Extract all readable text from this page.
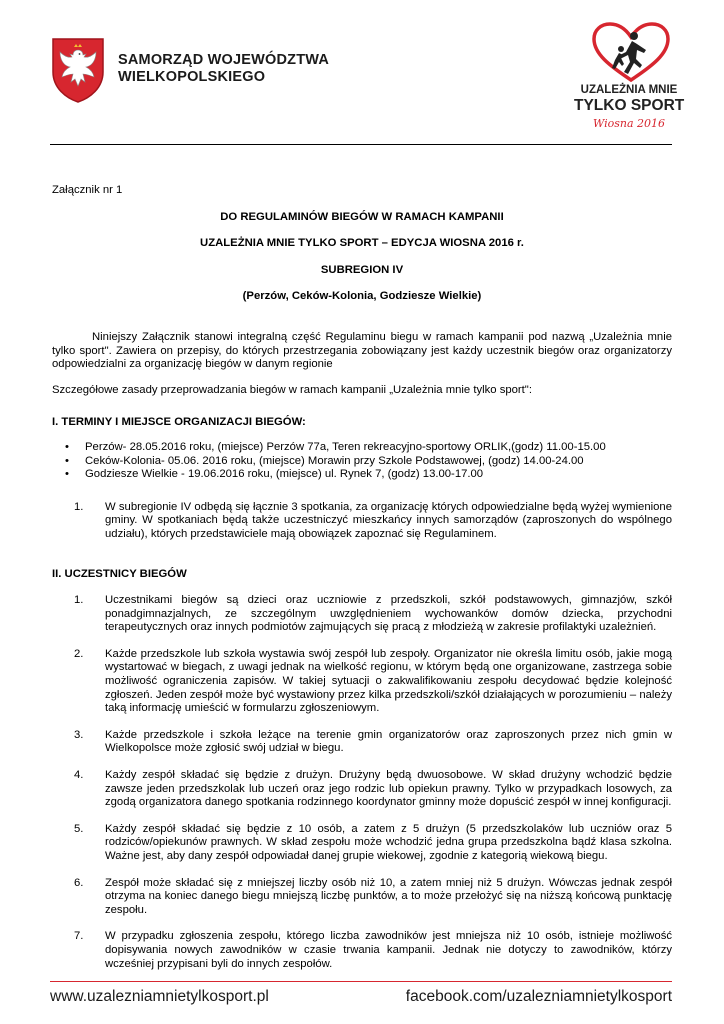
SAMORZĄD WOJEWÓDZTWA
WIELKOPOLSKIEGO
UZALEŻNIA MNIE
TYLKO SPORT
Wiosna 2016

Załącznik nr 1

DO REGULAMINÓW BIEGÓW W RAMACH KAMPANII

UZALEŻNIA MNIE TYLKO SPORT – EDYCJA WIOSNA 2016 r.

SUBREGION IV

(Perzów, Ceków-Kolonia, Godziesze Wielkie)

Niniejszy Załącznik stanowi integralną część Regulaminu biegu w ramach kampanii pod nazwą „Uzależnia mnie tylko sport". Zawiera on przepisy, do których przestrzegania zobowiązany jest każdy uczestnik biegów oraz organizatorzy odpowiedzialni za organizację biegów w danym regionie

Szczegółowe zasady przeprowadzania biegów w ramach kampanii „Uzależnia mnie tylko sport":

I. TERMINY I MIEJSCE ORGANIZACJI BIEGÓW:

• Perzów- 28.05.2016 roku, (miejsce) Perzów 77a, Teren rekreacyjno-sportowy ORLIK,(godz) 11.00-15.00
• Ceków-Kolonia- 05.06. 2016 roku, (miejsce) Morawin przy Szkole Podstawowej, (godz) 14.00-24.00
• Godziesze Wielkie - 19.06.2016 roku, (miejsce) ul. Rynek 7, (godz) 13.00-17.00
1. W subregionie IV odbędą się łącznie 3 spotkania, za organizację których odpowiedzialne będą wyżej wymienione gminy. W spotkaniach będą także uczestniczyć mieszkańcy innych samorządów (zaproszonych do wspólnego udziału), których przedstawiciele mają obowiązek zapoznać się Regulaminem.

II. UCZESTNICY BIEGÓW

1. Uczestnikami biegów są dzieci oraz uczniowie z przedszkoli, szkół podstawowych, gimnazjów, szkół ponadgimnazjalnych, ze szczególnym uwzględnieniem wychowanków domów dziecka, przychodni terapeutycznych oraz innych podmiotów zajmujących się pracą z młodzieżą w zakresie profilaktyki uzależnień.
2. Każde przedszkole lub szkoła wystawia swój zespół lub zespoły. Organizator nie określa limitu osób, jakie mogą wystartować w biegach, z uwagi jednak na wielkość regionu, w którym będą one organizowane, zastrzega sobie możliwość ograniczenia zapisów. W takiej sytuacji o zakwalifikowaniu zespołu decydować będzie kolejność zgłoszeń. Jeden zespół może być wystawiony przez kilka przedszkoli/szkół działających w porozumieniu – należy taką informację umieścić w formularzu zgłoszeniowym.
3. Każde przedszkole i szkoła leżące na terenie gmin organizatorów oraz zaproszonych przez nich gmin w Wielkopolsce może zgłosić swój udział w biegu.
4. Każdy zespół składać się będzie z drużyn. Drużyny będą dwuosobowe. W skład drużyny wchodzić będzie zawsze jeden przedszkolak lub uczeń oraz jego rodzic lub opiekun prawny. Tylko w przypadkach losowych, za zgodą organizatora danego spotkania rodzinnego koordynator gminny może dopuścić zespół w innej konfiguracji.
5. Każdy zespół składać się będzie z 10 osób, a zatem z 5 drużyn (5 przedszkolaków lub uczniów oraz 5 rodziców/opiekunów prawnych. W skład zespołu może wchodzić jedna grupa przedszkolna bądź klasa szkolna. Ważne jest, aby dany zespół odpowiadał danej grupie wiekowej, zgodnie z kategorią wiekową biegu.
6. Zespół może składać się z mniejszej liczby osób niż 10, a zatem mniej niż 5 drużyn. Wówczas jednak zespół otrzyma na koniec danego biegu mniejszą liczbę punktów, a to może przełożyć się na niższą końcową punktację zespołu.
7. W przypadku zgłoszenia zespołu, którego liczba zawodników jest mniejsza niż 10 osób, istnieje możliwość dopisywania nowych zawodników w czasie trwania kampanii. Jednak nie dotyczy to zawodników, którzy wcześniej przypisani byli do innych zespołów.
www.uzalezniamnietylkosport.pl	facebook.com/uzalezniamnietylkosport
